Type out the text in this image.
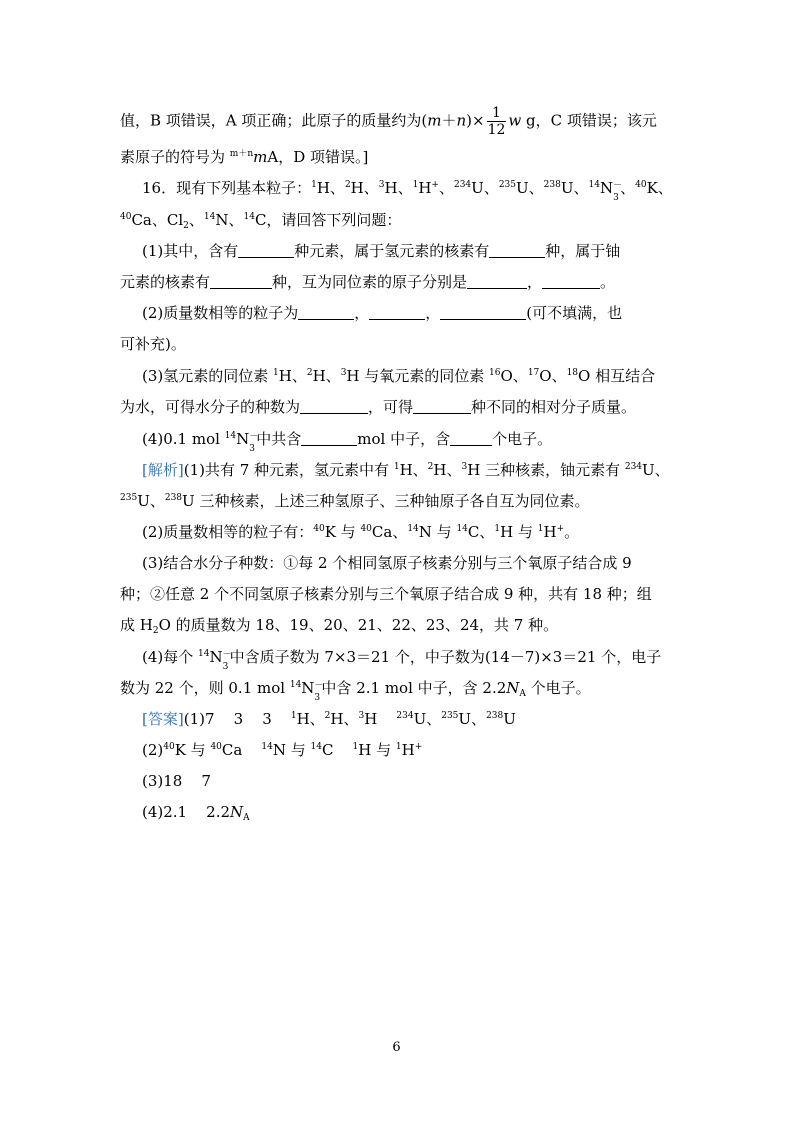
值，B 项错误，A 项正确；此原子的质量约为$(m+n)\times \frac{1}{12}$ w g，C 项错误；该元
素原子的符号为 $^{m+n}$mA，D 项错误。]
16．现有下列基本粒子：$^1$H、$^2$H、$^3$H、$^1$H+、$^{234}$U、$^{235}$U、$^{238}$U、$^{14}$N －
3
、$^{40}$K、
$^{40}$Ca、$Cl_2$、$^{14}$N、$^{14}$C，请回答下列问题：
(1)其中，含有	种元素，属于氢元素的核素有	种，属于铀
元素的核素有	种，互为同位素的原子分别是	，	。
(2)质量数相等的粒子为	，	，	(可不填满，也
可补充)。
(3)氢元素的同位素 $^1$H、$^2$H、$^3$H 与氧元素的同位素 $^{16}$O、$^{17}$O、$^{18}$O 相互结合
为水，可得水分子的种数为	，可得	种不同的相对分子质量。
(4)0.1 mol $^{14}$N －
3
中共含	mol 中子，含	个电子。
[解析](1)共有 7 种元素，氢元素中有 $^1$H、$^2$H、$^3$H 三种核素，铀元素有 $^{234}$U、
$^{235}$U、$^{238}$U 三种核素，上述三种氢原子、三种铀原子各自互为同位素。
(2)质量数相等的粒子有：$^{40}$K 与 $^{40}$Ca、$^{14}$N 与 $^{14}$C、$^1$H 与 $^1$H+。
(3)结合水分子种数：①每 2 个相同氢原子核素分别与三个氧原子结合成 9
种；②任意 2 个不同氢原子核素分别与三个氧原子结合成 9 种，共有 18 种；组
成 $H_2O$ 的质量数为 18、19、20、21、22、23、24，共 7 种。
(4)每个 $^{14}$N －
3
中含质子数为 7×3＝21 个，中子数为(14－7)×3＝21 个，电子
数为 22 个，则 0.1 mol $^{14}$N －
3
中含 2.1 mol 中子，含 $2.2N_A$ 个电子。
[答案](1)7    3    3    $^1$H、$^2$H、$^3$H    $^{234}$U、$^{235}$U、$^{238}$U
$(2)^{40}K$ 与 $^{40}$Ca    $^{14}$N 与 $^{14}$C    $^1$H 与 $^1$H+
(3)18    7
(4)2.1    $2.2N_A$
6
